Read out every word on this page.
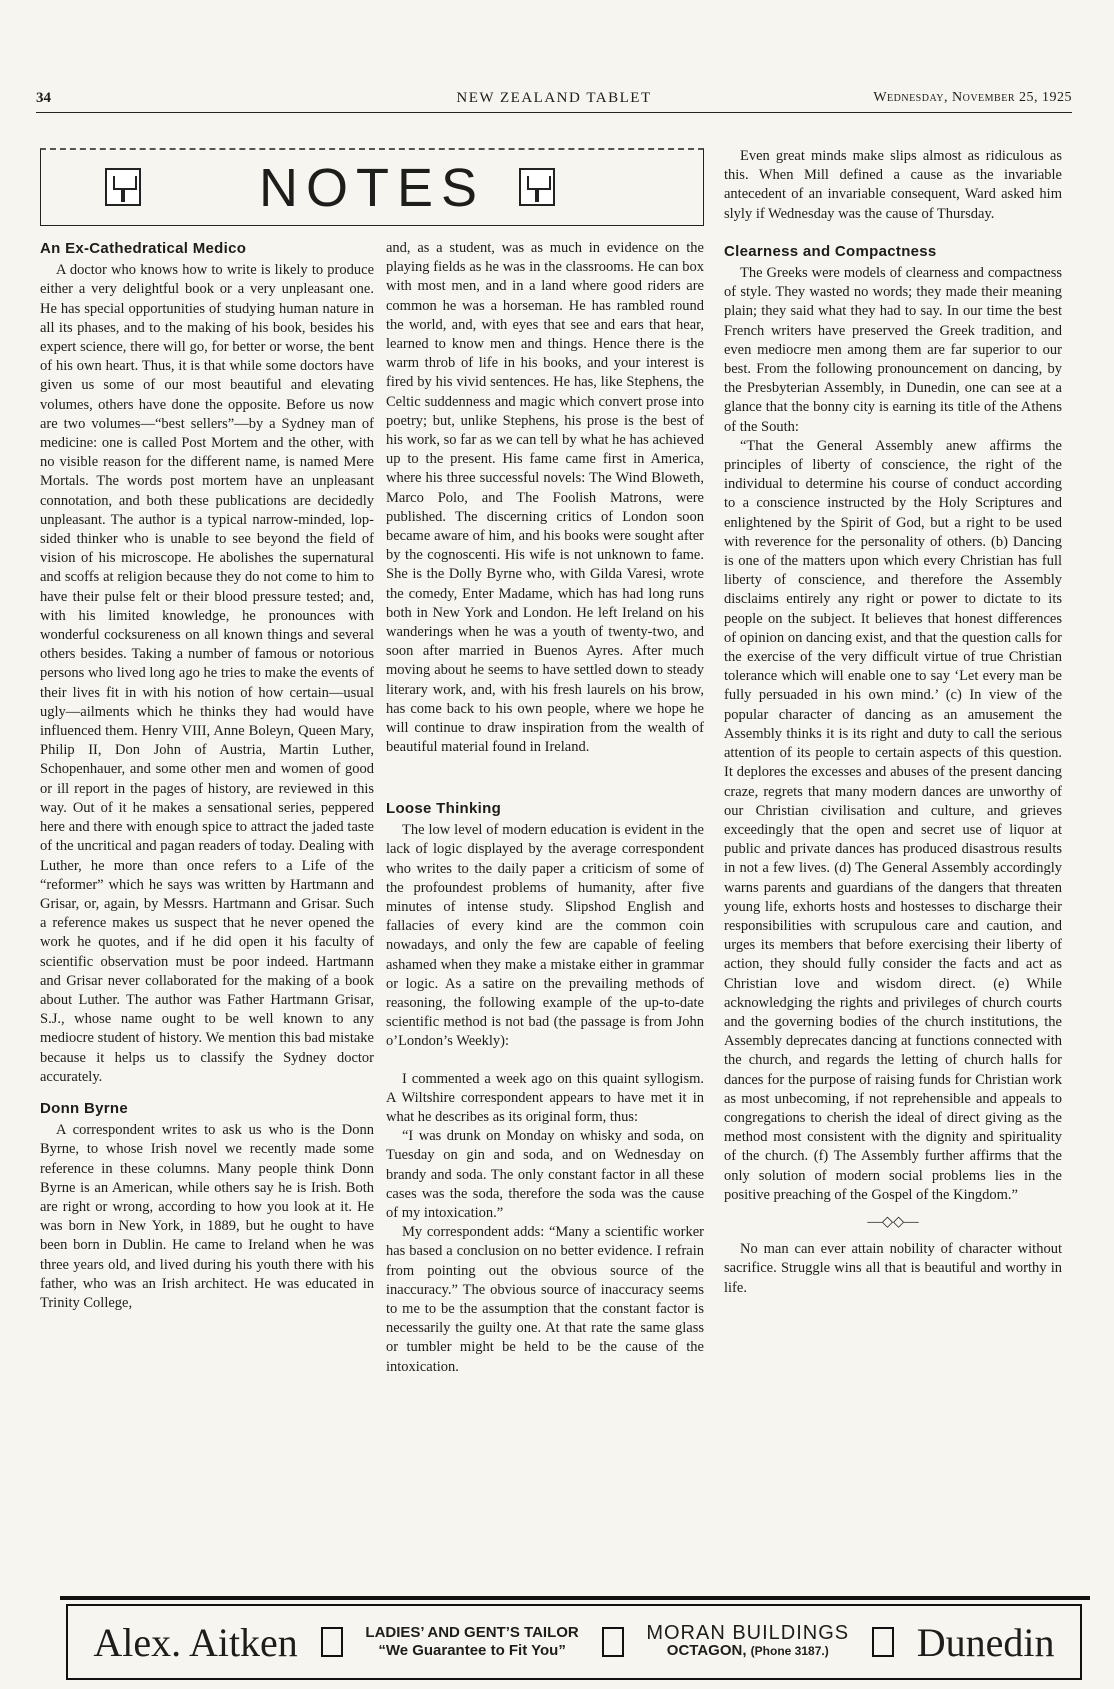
34	NEW ZEALAND TABLET	Wednesday, November 25, 1925
NOTES
An Ex-Cathedratical Medico

A doctor who knows how to write is likely to produce either a very delightful book or a very unpleasant one. He has special opportunities of studying human nature in all its phases, and to the making of his book, besides his expert science, there will go, for better or worse, the bent of his own heart. Thus, it is that while some doctors have given us some of our most beautiful and elevating volumes, others have done the opposite. Before us now are two volumes—“best sellers”—by a Sydney man of medicine: one is called Post Mortem and the other, with no visible reason for the different name, is named Mere Mortals. The words post mortem have an unpleasant connotation, and both these publications are decidedly unpleasant. The author is a typical narrow-minded, lop-sided thinker who is unable to see beyond the field of vision of his microscope. He abolishes the supernatural and scoffs at religion because they do not come to him to have their pulse felt or their blood pressure tested; and, with his limited knowledge, he pronounces with wonderful cocksureness on all known things and several others besides. Taking a number of famous or notorious persons who lived long ago he tries to make the events of their lives fit in with his notion of how certain—usual ugly—ailments which he thinks they had would have influenced them. Henry VIII, Anne Boleyn, Queen Mary, Philip II, Don John of Austria, Martin Luther, Schopenhauer, and some other men and women of good or ill report in the pages of history, are reviewed in this way. Out of it he makes a sensational series, peppered here and there with enough spice to attract the jaded taste of the uncritical and pagan readers of today. Dealing with Luther, he more than once refers to a Life of the “reformer” which he says was written by Hartmann and Grisar, or, again, by Messrs. Hartmann and Grisar. Such a reference makes us suspect that he never opened the work he quotes, and if he did open it his faculty of scientific observation must be poor indeed. Hartmann and Grisar never collaborated for the making of a book about Luther. The author was Father Hartmann Grisar, S.J., whose name ought to be well known to any mediocre student of history. We mention this bad mistake because it helps us to classify the Sydney doctor accurately.

Donn Byrne

A correspondent writes to ask us who is the Donn Byrne, to whose Irish novel we recently made some reference in these columns. Many people think Donn Byrne is an American, while others say he is Irish. Both are right or wrong, according to how you look at it. He was born in New York, in 1889, but he ought to have been born in Dublin. He came to Ireland when he was three years old, and lived during his youth there with his father, who was an Irish architect. He was educated in Trinity College,

and, as a student, was as much in evidence on the playing fields as he was in the classrooms. He can box with most men, and in a land where good riders are common he was a horseman. He has rambled round the world, and, with eyes that see and ears that hear, learned to know men and things. Hence there is the warm throb of life in his books, and your interest is fired by his vivid sentences. He has, like Stephens, the Celtic suddenness and magic which convert prose into poetry; but, unlike Stephens, his prose is the best of his work, so far as we can tell by what he has achieved up to the present. His fame came first in America, where his three successful novels: The Wind Bloweth, Marco Polo, and The Foolish Matrons, were published. The discerning critics of London soon became aware of him, and his books were sought after by the cognoscenti. His wife is not unknown to fame. She is the Dolly Byrne who, with Gilda Varesi, wrote the comedy, Enter Madame, which has had long runs both in New York and London. He left Ireland on his wanderings when he was a youth of twenty-two, and soon after married in Buenos Ayres. After much moving about he seems to have settled down to steady literary work, and, with his fresh laurels on his brow, has come back to his own people, where we hope he will continue to draw inspiration from the wealth of beautiful material found in Ireland.

Loose Thinking

The low level of modern education is evident in the lack of logic displayed by the average correspondent who writes to the daily paper a criticism of some of the profoundest problems of humanity, after five minutes of intense study. Slipshod English and fallacies of every kind are the common coin nowadays, and only the few are capable of feeling ashamed when they make a mistake either in grammar or logic. As a satire on the prevailing methods of reasoning, the following example of the up-to-date scientific method is not bad (the passage is from John o’London’s Weekly):

I commented a week ago on this quaint syllogism. A Wiltshire correspondent appears to have met it in what he describes as its original form, thus:

“I was drunk on Monday on whisky and soda, on Tuesday on gin and soda, and on Wednesday on brandy and soda. The only constant factor in all these cases was the soda, therefore the soda was the cause of my intoxication.”

My correspondent adds: “Many a scientific worker has based a conclusion on no better evidence. I refrain from pointing out the obvious source of the inaccuracy.” The obvious source of inaccuracy seems to me to be the assumption that the constant factor is necessarily the guilty one. At that rate the same glass or tumbler might be held to be the cause of the intoxication.

Even great minds make slips almost as ridiculous as this. When Mill defined a cause as the invariable antecedent of an invariable consequent, Ward asked him slyly if Wednesday was the cause of Thursday.

Clearness and Compactness

The Greeks were models of clearness and compactness of style. They wasted no words; they made their meaning plain; they said what they had to say. In our time the best French writers have preserved the Greek tradition, and even mediocre men among them are far superior to our best. From the following pronouncement on dancing, by the Presbyterian Assembly, in Dunedin, one can see at a glance that the bonny city is earning its title of the Athens of the South:

“That the General Assembly anew affirms the principles of liberty of conscience, the right of the individual to determine his course of conduct according to a conscience instructed by the Holy Scriptures and enlightened by the Spirit of God, but a right to be used with reverence for the personality of others. (b) Dancing is one of the matters upon which every Christian has full liberty of conscience, and therefore the Assembly disclaims entirely any right or power to dictate to its people on the subject. It believes that honest differences of opinion on dancing exist, and that the question calls for the exercise of the very difficult virtue of true Christian tolerance which will enable one to say ‘Let every man be fully persuaded in his own mind.’ (c) In view of the popular character of dancing as an amusement the Assembly thinks it is its right and duty to call the serious attention of its people to certain aspects of this question. It deplores the excesses and abuses of the present dancing craze, regrets that many modern dances are unworthy of our Christian civilisation and culture, and grieves exceedingly that the open and secret use of liquor at public and private dances has produced disastrous results in not a few lives. (d) The General Assembly accordingly warns parents and guardians of the dangers that threaten young life, exhorts hosts and hostesses to discharge their responsibilities with scrupulous care and caution, and urges its members that before exercising their liberty of action, they should fully consider the facts and act as Christian love and wisdom direct. (e) While acknowledging the rights and privileges of church courts and the governing bodies of the church institutions, the Assembly deprecates dancing at functions connected with the church, and regards the letting of church halls for dances for the purpose of raising funds for Christian work as most unbecoming, if not reprehensible and appeals to congregations to cherish the ideal of direct giving as the method most consistent with the dignity and spirituality of the church. (f) The Assembly further affirms that the only solution of modern social problems lies in the positive preaching of the Gospel of the Kingdom.”

—◇◇—

No man can ever attain nobility of character without sacrifice. Struggle wins all that is beautiful and worthy in life.

Alex. Aitken	LADIES’ AND GENT’S TAILOR
“We Guarantee to Fit You”
MORAN BUILDINGS
OCTAGON, (Phone 3187.)	Dunedin
